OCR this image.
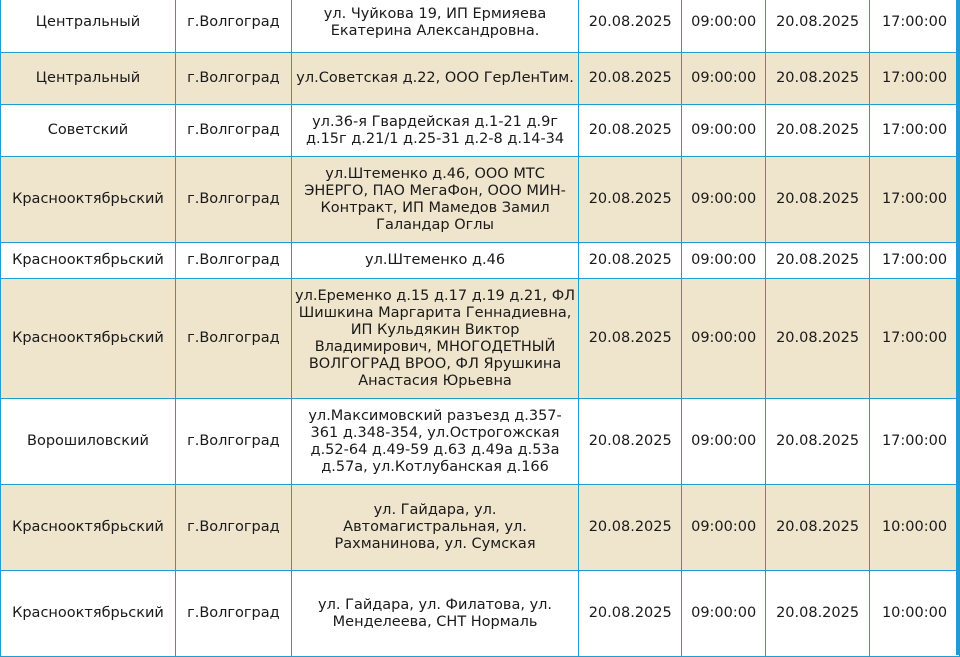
Центральный	г.Волгоград	ул. Чуйкова 19, ИП Ермияева Екатерина Александровна.	20.08.2025	09:00:00	20.08.2025	17:00:00
Центральный	г.Волгоград	ул.Советская д.22, ООО ГерЛенТим.	20.08.2025	09:00:00	20.08.2025	17:00:00
Советский	г.Волгоград	ул.36-я Гвардейская д.1-21 д.9г д.15г д.21/1 д.25-31 д.2-8 д.14-34	20.08.2025	09:00:00	20.08.2025	17:00:00
Краснооктябрьский	г.Волгоград	ул.Штеменко д.46, ООО МТС ЭНЕРГО, ПАО МегаФон, ООО МИН-Контракт, ИП Мамедов Замил Галандар Оглы	20.08.2025	09:00:00	20.08.2025	17:00:00
Краснооктябрьский	г.Волгоград	ул.Штеменко д.46	20.08.2025	09:00:00	20.08.2025	17:00:00
Краснооктябрьский	г.Волгоград	ул.Еременко д.15 д.17 д.19 д.21, ФЛ Шишкина Маргарита Геннадиевна, ИП Кульдякин Виктор Владимирович, МНОГОДЕТНЫЙ ВОЛГОГРАД ВРОО, ФЛ Ярушкина Анастасия Юрьевна	20.08.2025	09:00:00	20.08.2025	17:00:00
Ворошиловский	г.Волгоград	ул.Максимовский разъезд д.357-361 д.348-354, ул.Острогожская д.52-64 д.49-59 д.63 д.49а д.53а д.57а, ул.Котлубанская д.166	20.08.2025	09:00:00	20.08.2025	17:00:00
Краснооктябрьский	г.Волгоград	ул. Гайдара, ул. Автомагистральная, ул. Рахманинова, ул. Сумская	20.08.2025	09:00:00	20.08.2025	10:00:00
Краснооктябрьский	г.Волгоград	ул. Гайдара, ул. Филатова, ул. Менделеева, СНТ Нормаль	20.08.2025	09:00:00	20.08.2025	10:00:00
